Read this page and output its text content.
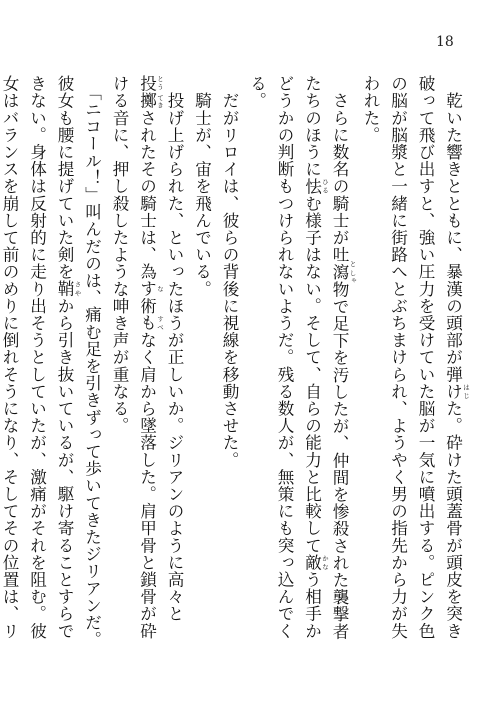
18

　乾いた響きとともに、暴漢の頭部が弾け はじた。砕けた頭蓋骨が頭皮を突き破って飛び出すと、強い圧力を受けていた脳が一気に噴出する。ピンク色の脳が脳漿と一緒に街路へとぶちまけられ、ようやく男の指先から力が失われた。

　さらに数名の騎士が吐瀉 と しゃ物で足下を汚したが、仲間を惨殺された襲撃者たちのほうに怯 ひるむ様子はない。そして、自らの能力と比較して敵 かなう相手かどうかの判断もつけられないようだ。残る数人が、無策にも突っ込んでくる。

　だがリロイは、彼らの背後に視線を移動させた。

　騎士が、宙を飛んでいる。

　投げ上げられた、といったほうが正しいか。ジリアンのように高々と投擲 とう てきされたその騎士は、為す な術も すべなく肩から墜落した。肩甲骨と鎖骨が砕ける音に、押し殺したような呻き声が重なる。

　「ニコール！」叫んだのは、痛む足を引きずって歩いてきたジリアンだ。彼女も腰に提げていた剣を鞘 さやから引き抜いているが、駆け寄ることすらできない。身体は反射的に走り出そうとしていたが、激痛がそれを阻む。彼女はバランスを崩して前のめりに倒れそうになり、そしてその位置は、リ
